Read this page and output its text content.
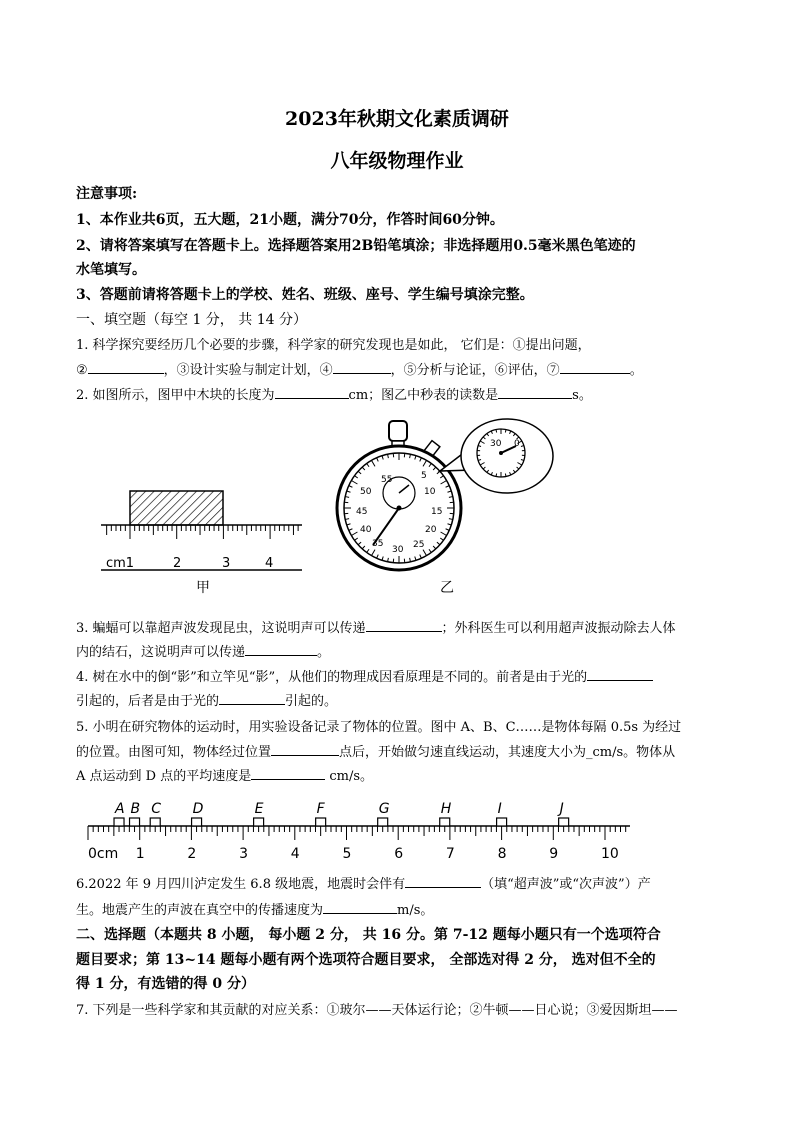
2023年秋期文化素质调研
八年级物理作业
注意事项:
1、本作业共6页，五大题，21小题，满分70分，作答时间60分钟。
2、请将答案填写在答题卡上。选择题答案用2B铅笔填涂；非选择题用0.5毫米黑色笔迹的
水笔填写。
3、答题前请将答题卡上的学校、姓名、班级、座号、学生编号填涂完整。
一、填空题（每空 1 分， 共 14 分）
1. 科学探究要经历几个必要的步骤，科学家的研究发现也是如此， 它们是：①提出问题，
②	，③设计实验与制定计划，④	，⑤分析与论证，⑥评估，⑦	。
2. 如图所示，图甲中木块的长度为	cm；图乙中秒表的读数是	s。
cm1	2	3	4
甲
55	5
10
15
20
25
30
35
40
45
50
30 0
乙
3. 蝙蝠可以靠超声波发现昆虫，这说明声可以传递	；外科医生可以利用超声波振动除去人体
内的结石，这说明声可以传递	。
4. 树在水中的倒“影”和立竿见“影”，从他们的物理成因看原理是不同的。前者是由于光的
引起的，后者是由于光的	引起的。
5. 小明在研究物体的运动时，用实验设备记录了物体的位置。图中 A、B、C……是物体每隔 0.5s 为经过
的位置。由图可知，物体经过位置	点后，开始做匀速直线运动，其速度大小为_cm/s。物体从
A 点运动到 D 点的平均速度是	cm/s。
A B C D	E	F	G	H	I	J
0cm 1	2	3	4	5	6	7	8	9	10
6.2022 年 9 月四川泸定发生 6.8 级地震，地震时会伴有	（填“超声波”或“次声波”）产
生。地震产生的声波在真空中的传播速度为	m/s。
二、选择题（本题共 8 小题， 每小题 2 分， 共 16 分。第 7-12 题每小题只有一个选项符合
题目要求；第 13~14 题每小题有两个选项符合题目要求， 全部选对得 2 分， 选对但不全的
得 1 分，有选错的得 0 分）
7. 下列是一些科学家和其贡献的对应关系：①玻尔——天体运行论；②牛顿——日心说；③爱因斯坦——
